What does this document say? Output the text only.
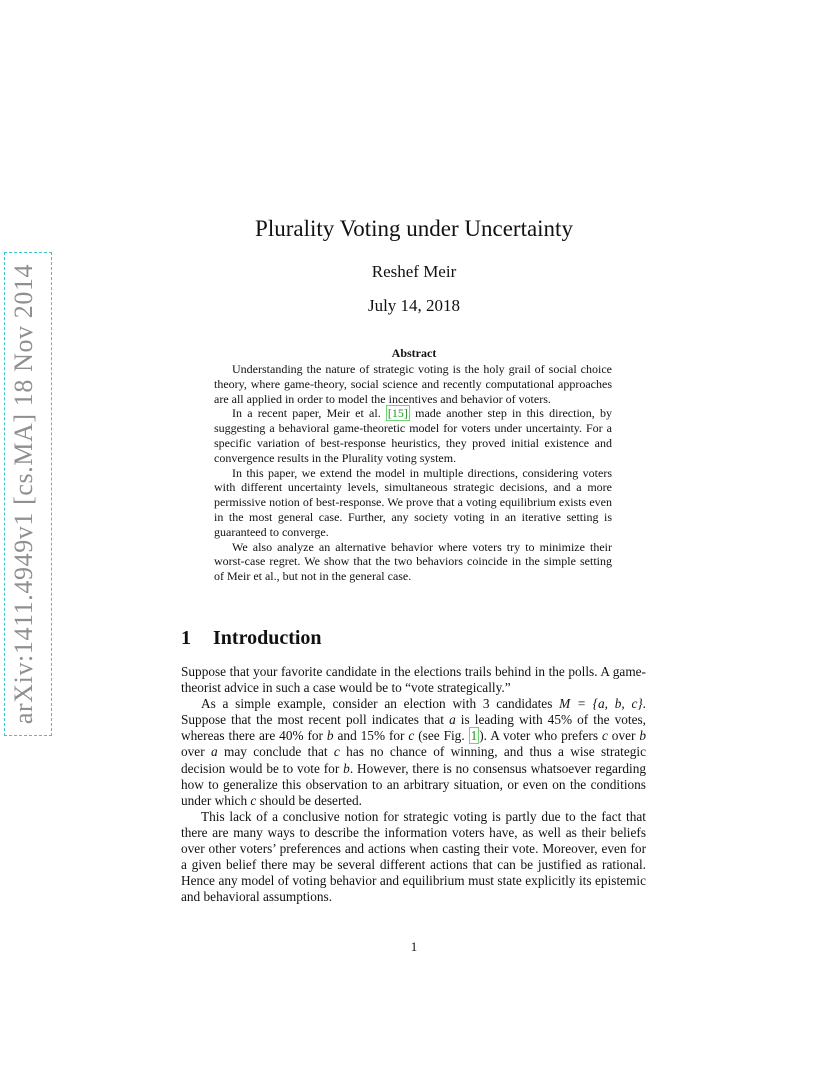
arXiv:1411.4949v1 [cs.MA] 18 Nov 2014
Plurality Voting under Uncertainty
Reshef Meir
July 14, 2018
Abstract

Understanding the nature of strategic voting is the holy grail of social choice theory, where game-theory, social science and recently computational approaches are all applied in order to model the incentives and behavior of voters.

In a recent paper, Meir et al. [15] made another step in this direction, by suggesting a behavioral game-theoretic model for voters under uncertainty. For a specific variation of best-response heuristics, they proved initial existence and convergence results in the Plurality voting system.

In this paper, we extend the model in multiple directions, considering voters with different uncertainty levels, simultaneous strategic decisions, and a more permissive notion of best-response. We prove that a voting equilibrium exists even in the most general case. Further, any society voting in an iterative setting is guaranteed to converge.

We also analyze an alternative behavior where voters try to minimize their worst-case regret. We show that the two behaviors coincide in the simple setting of Meir et al., but not in the general case.

1 Introduction

Suppose that your favorite candidate in the elections trails behind in the polls. A game-theorist advice in such a case would be to “vote strategically.”

As a simple example, consider an election with 3 candidates M = {a, b, c}. Suppose that the most recent poll indicates that a is leading with 45% of the votes, whereas there are 40% for b and 15% for c (see Fig. 1 ). A voter who prefers c over b over a may conclude that c has no chance of winning, and thus a wise strategic decision would be to vote for b. However, there is no consensus whatsoever regarding how to generalize this observation to an arbitrary situation, or even on the conditions under which c should be deserted.

This lack of a conclusive notion for strategic voting is partly due to the fact that there are many ways to describe the information voters have, as well as their beliefs over other voters’ preferences and actions when casting their vote. Moreover, even for a given belief there may be several different actions that can be justified as rational. Hence any model of voting behavior and equilibrium must state explicitly its epistemic and behavioral assumptions.

1
